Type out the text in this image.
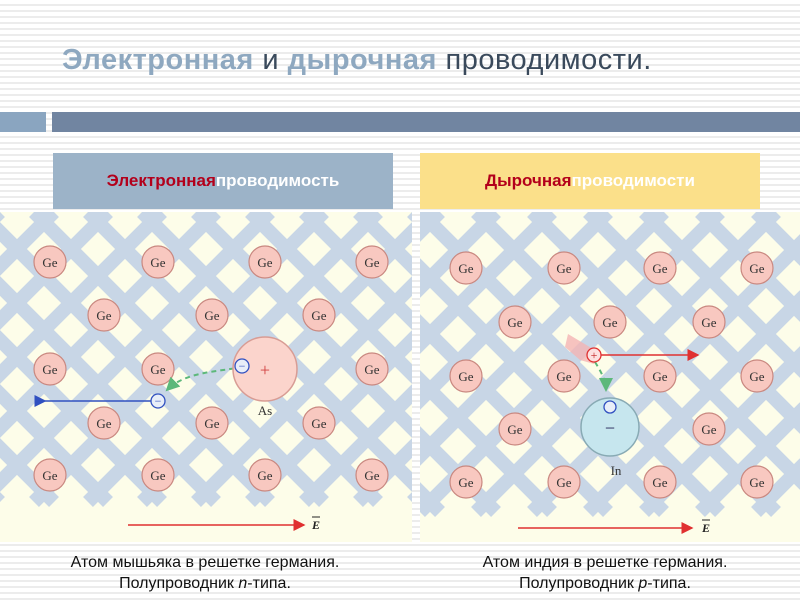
Электронная и дырочная проводимости.
Электронная проводимость	Дырочная проводимости
Ge	Ge	Ge	Ge
Ge	Ge	Ge
Ge	Ge	Ge
Ge	Ge	Ge
Ge	Ge	Ge	Ge
+
As
−
−
E
Ge	Ge	Ge	Ge
Ge	Ge	Ge
Ge	Ge	Ge	Ge
Ge	Ge
Ge	Ge	Ge	Ge
−
In
+
E
Атом мышьяка в решетке германия.
Полупроводник n-типа.
Атом индия в решетке германия.
Полупроводник p-типа.
